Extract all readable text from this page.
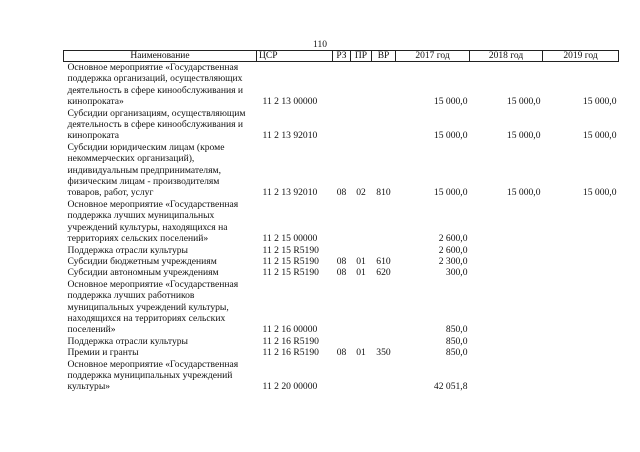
110
Наименование	ЦСР	РЗ	ПР	ВР	2017 год	2018 год	2019 год
Основное мероприятие «Государственная поддержка организаций, осуществляющих деятельность в сфере кинообслуживания и кинопроката»	11 2 13 00000				15 000,0	15 000,0	15 000,0
Субсидии организациям, осуществляющим деятельность в сфере кинообслуживания и кинопроката	11 2 13 92010				15 000,0	15 000,0	15 000,0
Субсидии юридическим лицам (кроме некоммерческих организаций), индивидуальным предпринимателям, физическим лицам - производителям товаров, работ, услуг	11 2 13 92010	08	02	810	15 000,0	15 000,0	15 000,0
Основное мероприятие «Государственная поддержка лучших муниципальных учреждений культуры, находящихся на территориях сельских поселений»	11 2 15 00000				2 600,0		
Поддержка отрасли культуры	11 2 15 R5190				2 600,0		
Субсидии бюджетным учреждениям	11 2 15 R5190	08	01	610	2 300,0		
Субсидии автономным учреждениям	11 2 15 R5190	08	01	620	300,0		
Основное мероприятие «Государственная поддержка лучших работников муниципальных учреждений культуры, находящихся на территориях сельских поселений»	11 2 16 00000				850,0		
Поддержка отрасли культуры	11 2 16 R5190				850,0		
Премии и гранты	11 2 16 R5190	08	01	350	850,0		
Основное мероприятие «Государственная поддержка муниципальных учреждений культуры»	11 2 20 00000				42 051,8		
